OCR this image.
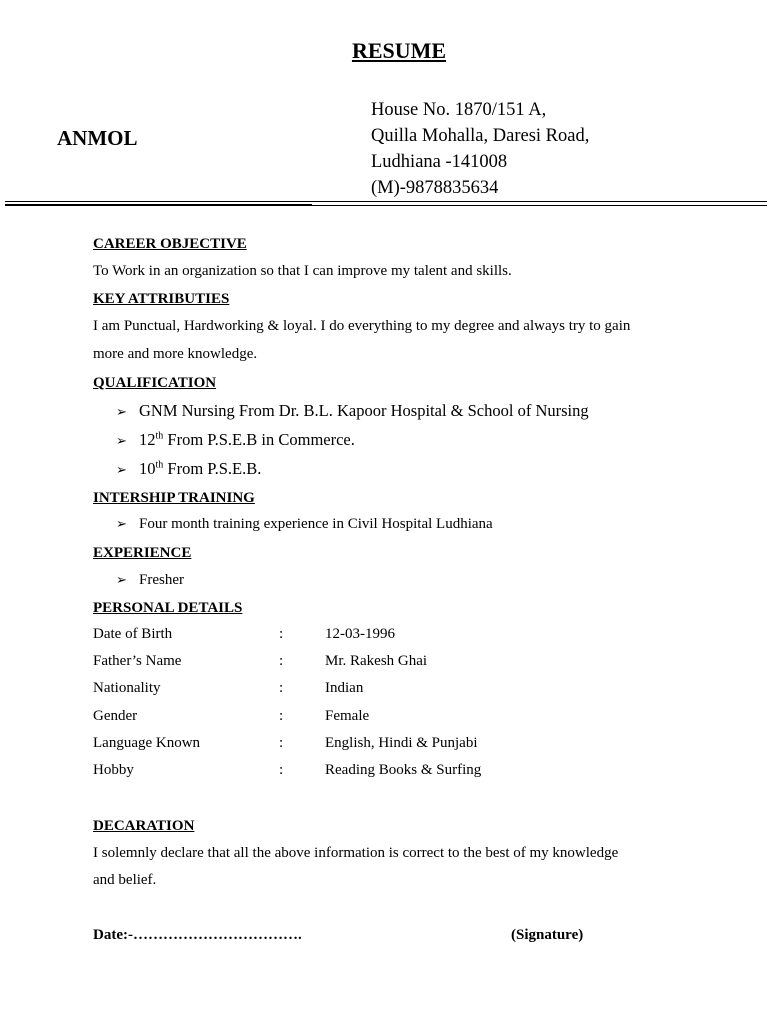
RESUME
ANMOL
House No. 1870/151 A,
Quilla Mohalla, Daresi Road,
Ludhiana -141008
(M)-9878835634
CAREER OBJECTIVE
To Work in an organization so that I can improve my talent and skills.
KEY ATTRIBUTIES
I am Punctual, Hardworking & loyal. I do everything to my degree and always try to gain
more and more knowledge.
QUALIFICATION
➢ GNM Nursing From Dr. B.L. Kapoor Hospital & School of Nursing
➢ 12th From P.S.E.B in Commerce.
➢ 10th From P.S.E.B.
INTERSHIP TRAINING
➢ Four month training experience in Civil Hospital Ludhiana
EXPERIENCE
➢ Fresher
PERSONAL DETAILS
Date of Birth	:	12-03-1996
Father’s Name	:	Mr. Rakesh Ghai
Nationality	:	Indian
Gender	:	Female
Language Known	:	English, Hindi & Punjabi
Hobby	:	Reading Books & Surfing
DECARATION
I solemnly declare that all the above information is correct to the best of my knowledge
and belief.
Date:-…………………………….	(Signature)
